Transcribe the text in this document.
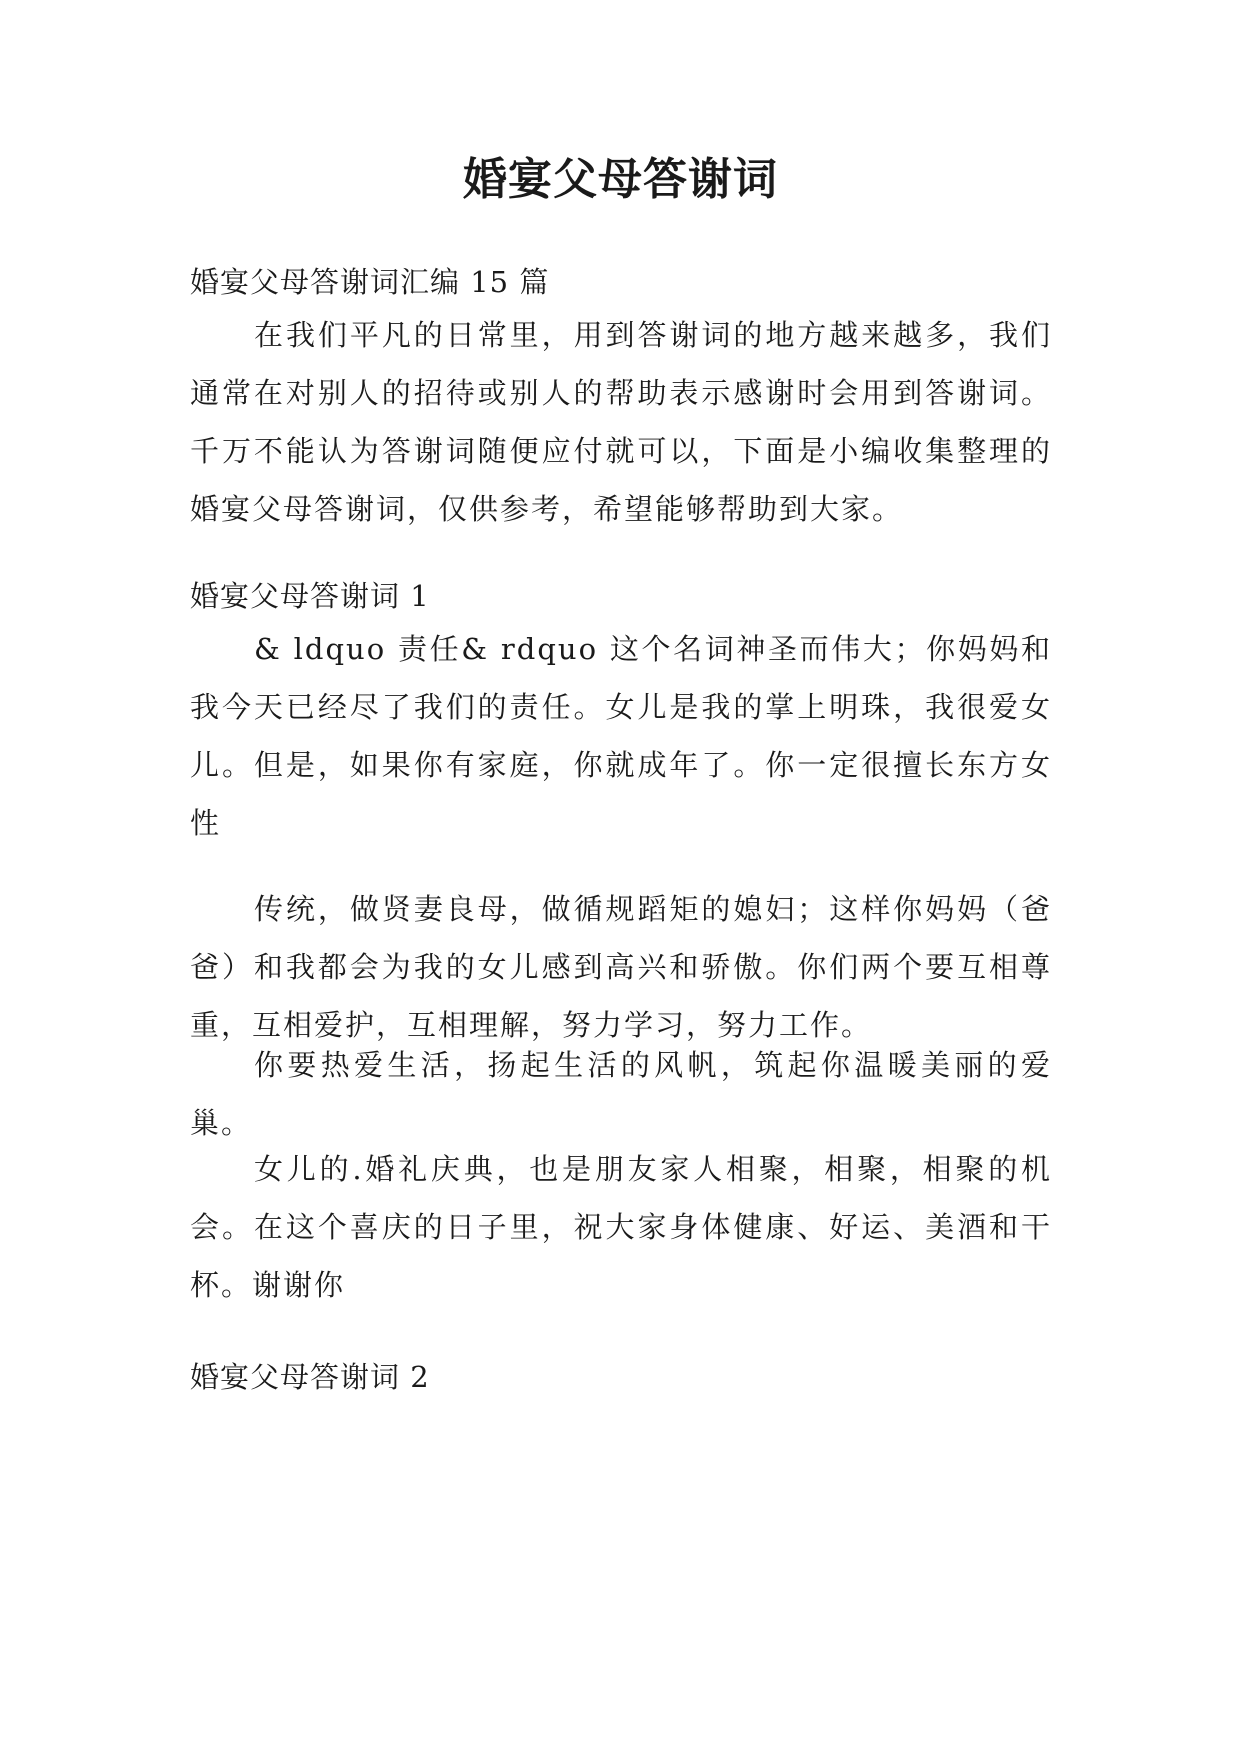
婚宴父母答谢词
婚宴父母答谢词汇编 15 篇
在我们平凡的日常里，用到答谢词的地方越来越多，我们通常在对别人的招待或别人的帮助表示感谢时会用到答谢词。千万不能认为答谢词随便应付就可以，下面是小编收集整理的婚宴父母答谢词，仅供参考，希望能够帮助到大家。
婚宴父母答谢词 1
& ldquo 责任& rdquo 这个名词神圣而伟大；你妈妈和我今天已经尽了我们的责任。女儿是我的掌上明珠，我很爱女儿。但是，如果你有家庭，你就成年了。你一定很擅长东方女性
传统，做贤妻良母，做循规蹈矩的媳妇；这样你妈妈（爸爸）和我都会为我的女儿感到高兴和骄傲。你们两个要互相尊重，互相爱护，互相理解，努力学习，努力工作。
你要热爱生活，扬起生活的风帆，筑起你温暖美丽的爱巢。
女儿的.婚礼庆典，也是朋友家人相聚，相聚，相聚的机会。在这个喜庆的日子里，祝大家身体健康、好运、美酒和干杯。谢谢你
婚宴父母答谢词 2
